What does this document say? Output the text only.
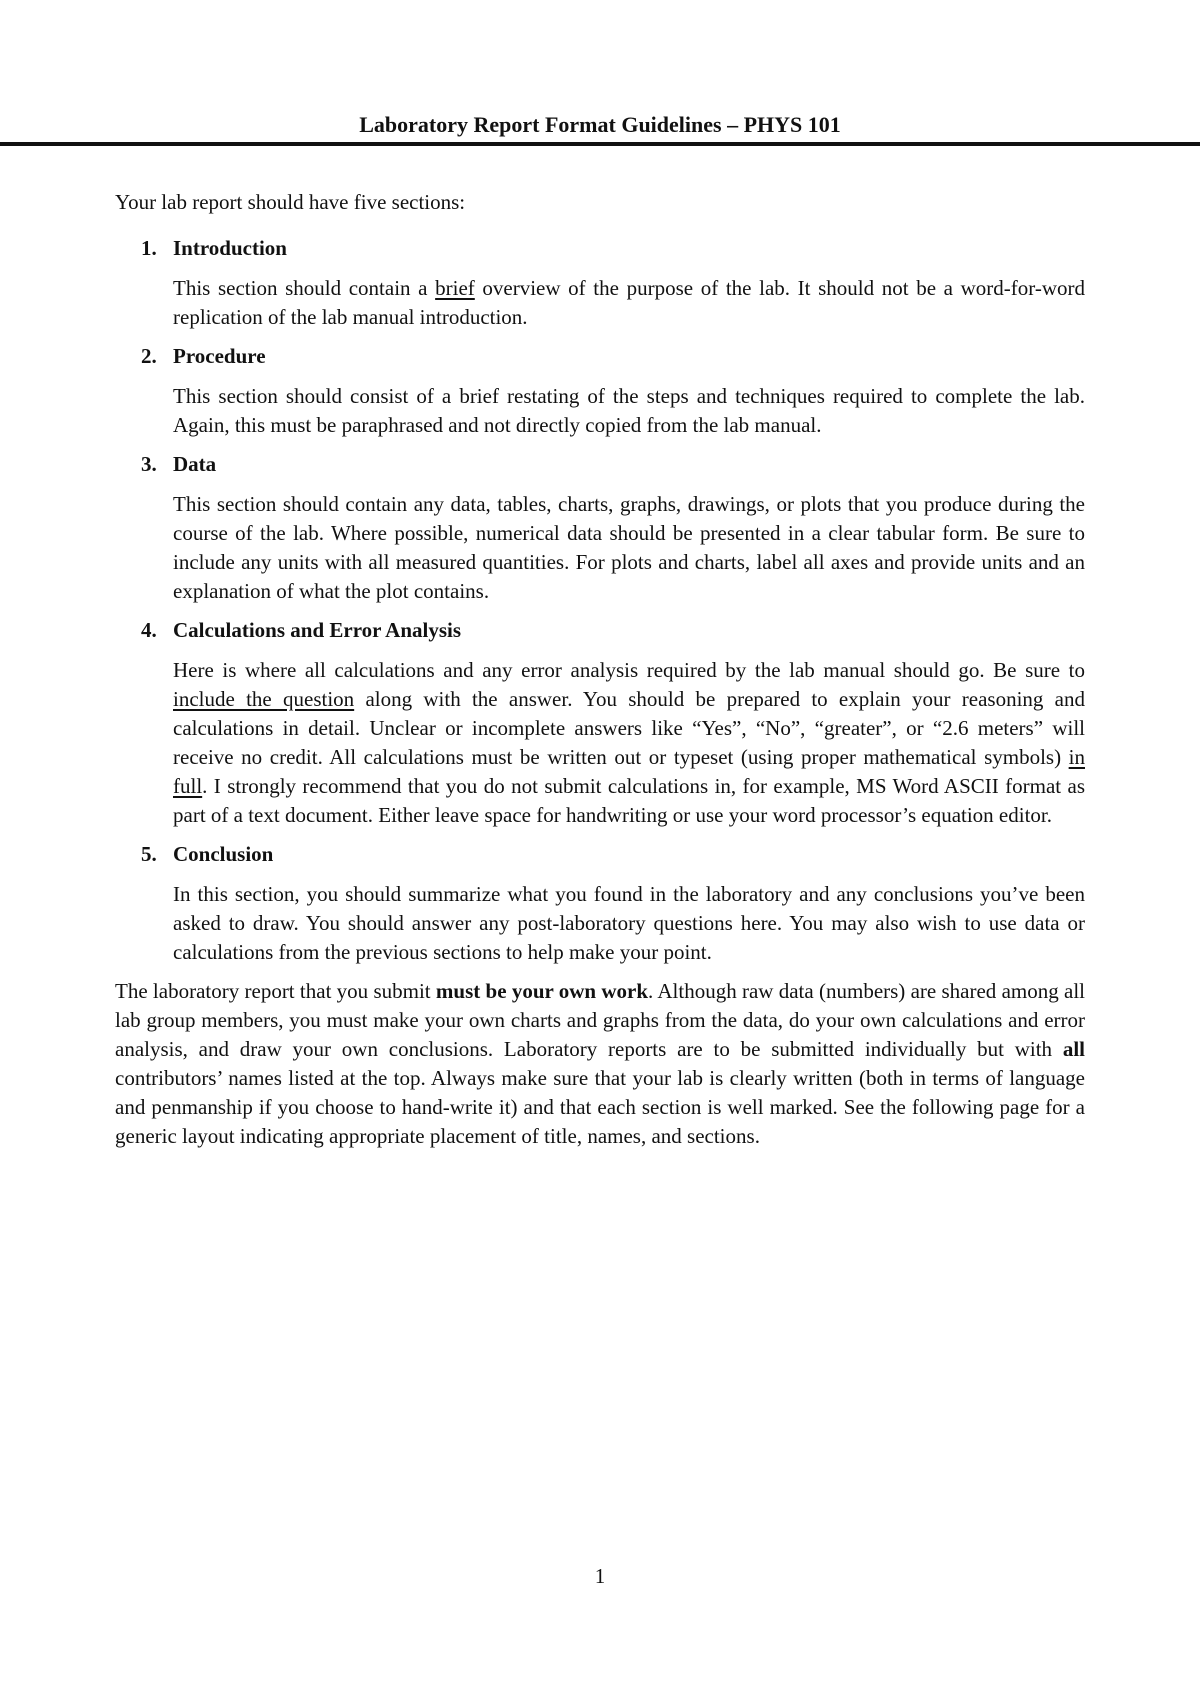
Laboratory Report Format Guidelines – PHYS 101

Your lab report should have five sections:

1. Introduction

This section should contain a brief overview of the purpose of the lab. It should not be a word-for-word replication of the lab manual introduction.

2. Procedure

This section should consist of a brief restating of the steps and techniques required to complete the lab. Again, this must be paraphrased and not directly copied from the lab manual.

3. Data

This section should contain any data, tables, charts, graphs, drawings, or plots that you produce during the course of the lab. Where possible, numerical data should be presented in a clear tabular form. Be sure to include any units with all measured quantities. For plots and charts, label all axes and provide units and an explanation of what the plot contains.

4. Calculations and Error Analysis

Here is where all calculations and any error analysis required by the lab manual should go. Be sure to include the question along with the answer. You should be prepared to explain your reasoning and calculations in detail. Unclear or incomplete answers like “Yes”, “No”, “greater”, or “2.6 meters” will receive no credit. All calculations must be written out or typeset (using proper mathematical symbols) in full. I strongly recommend that you do not submit calculations in, for example, MS Word ASCII format as part of a text document. Either leave space for handwriting or use your word processor’s equation editor.

5. Conclusion

In this section, you should summarize what you found in the laboratory and any conclusions you’ve been asked to draw. You should answer any post-laboratory questions here. You may also wish to use data or calculations from the previous sections to help make your point.

The laboratory report that you submit must be your own work. Although raw data (numbers) are shared among all lab group members, you must make your own charts and graphs from the data, do your own calculations and error analysis, and draw your own conclusions. Laboratory reports are to be submitted individually but with all contributors’ names listed at the top. Always make sure that your lab is clearly written (both in terms of language and penmanship if you choose to hand-write it) and that each section is well marked. See the following page for a generic layout indicating appropriate placement of title, names, and sections.

1
